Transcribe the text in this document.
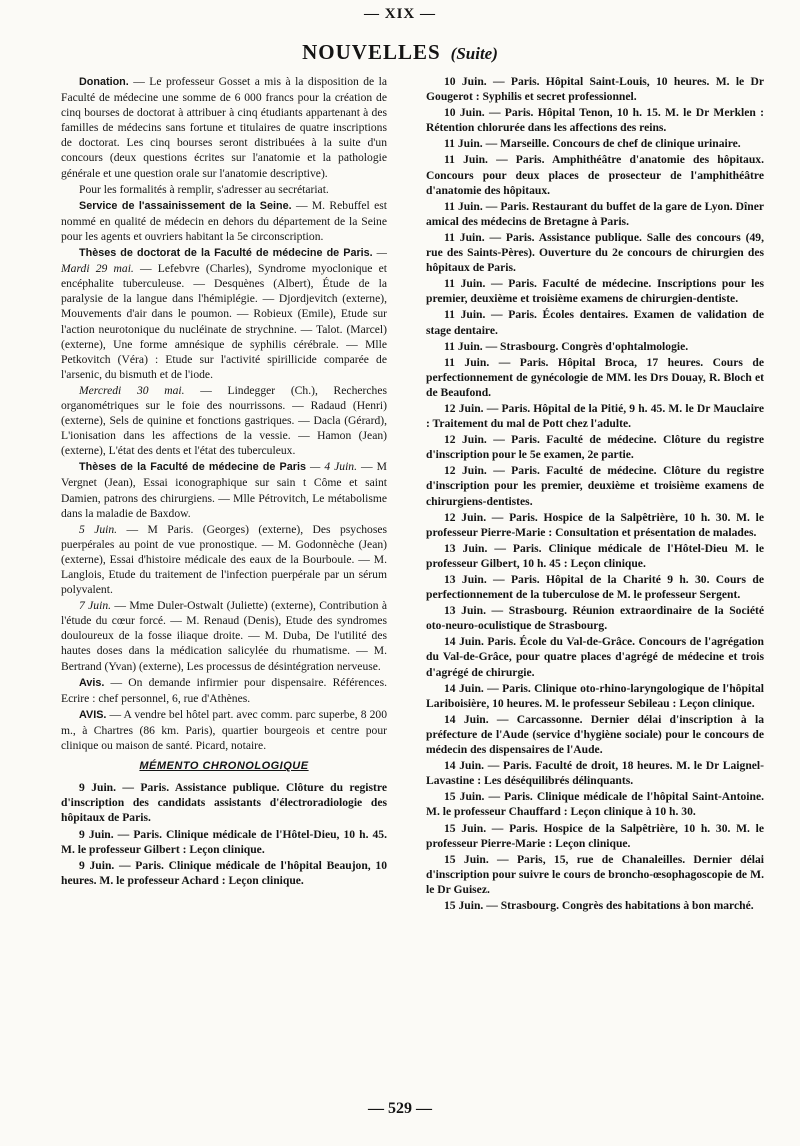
— XIX —
NOUVELLES (Suite)

Donation. — Le professeur Gosset a mis à la disposition de la Faculté de médecine une somme de 6 000 francs pour la création de cinq bourses de doctorat à attribuer à cinq étudiants appartenant à des familles de médecins sans fortune et titulaires de quatre inscriptions de doctorat. Les cinq bourses seront distribuées à la suite d'un concours (deux questions écrites sur l'anatomie et la pathologie générale et une question orale sur l'anatomie descriptive).

Pour les formalités à remplir, s'adresser au secrétariat.

Service de l'assainissement de la Seine. — M. Rebuffel est nommé en qualité de médecin en dehors du département de la Seine pour les agents et ouvriers habitant la 5e circonscription.

Thèses de doctorat de la Faculté de médecine de Paris. — Mardi 29 mai. — Lefebvre (Charles), Syndrome myoclonique et encéphalite tuberculeuse. — Desquènes (Albert), Étude de la paralysie de la langue dans l'hémiplégie. — Djordjevitch (externe), Mouvements d'air dans le poumon. — Robieux (Emile), Etude sur l'action neurotonique du nucléinate de strychnine. — Talot. (Marcel) (externe), Une forme amnésique de syphilis cérébrale. — Mlle Petkovitch (Véra) : Etude sur l'activité spirillicide comparée de l'arsenic, du bismuth et de l'iode.

Mercredi 30 mai. — Lindegger (Ch.), Recherches organométriques sur le foie des nourrissons. — Radaud (Henri) (externe), Sels de quinine et fonctions gastriques. — Dacla (Gérard), L'ionisation dans les affections de la vessie. — Hamon (Jean) (externe), L'état des dents et l'état des tuberculeux.

Thèses de la Faculté de médecine de Paris — 4 Juin. — M Vergnet (Jean), Essai iconographique sur sain t Côme et saint Damien, patrons des chirurgiens. — Mlle Pétrovitch, Le métabolisme dans la maladie de Baxdow.

5 Juin. — M Paris. (Georges) (externe), Des psychoses puerpérales au point de vue pronostique. — M. Godonnèche (Jean) (externe), Essai d'histoire médicale des eaux de la Bourboule. — M. Langlois, Etude du traitement de l'infection puerpérale par un sérum polyvalent.

7 Juin. — Mme Duler-Ostwalt (Juliette) (externe), Contribution à l'étude du cœur forcé. — M. Renaud (Denis), Etude des syndromes douloureux de la fosse iliaque droite. — M. Duba, De l'utilité des hautes doses dans la médication salicylée du rhumatisme. — M. Bertrand (Yvan) (externe), Les processus de désintégration nerveuse.

Avis. — On demande infirmier pour dispensaire. Références. Ecrire : chef personnel, 6, rue d'Athènes.

AVIS. — A vendre bel hôtel part. avec comm. parc superbe, 8 200 m., à Chartres (86 km. Paris), quartier bourgeois et centre pour clinique ou maison de santé. Picard, notaire.

MÉMENTO CHRONOLOGIQUE

9 Juin. — Paris. Assistance publique. Clôture du registre d'inscription des candidats assistants d'électroradiologie des hôpitaux de Paris.

9 Juin. — Paris. Clinique médicale de l'Hôtel-Dieu, 10 h. 45. M. le professeur Gilbert : Leçon clinique.

9 Juin. — Paris. Clinique médicale de l'hôpital Beaujon, 10 heures. M. le professeur Achard : Leçon clinique.

10 Juin. — Paris. Hôpital Saint-Louis, 10 heures. M. le Dr Gougerot : Syphilis et secret professionnel.

10 Juin. — Paris. Hôpital Tenon, 10 h. 15. M. le Dr Merklen : Rétention chlorurée dans les affections des reins.

11 Juin. — Marseille. Concours de chef de clinique urinaire.

11 Juin. — Paris. Amphithéâtre d'anatomie des hôpitaux. Concours pour deux places de prosecteur de l'amphithéâtre d'anatomie des hôpitaux.

11 Juin. — Paris. Restaurant du buffet de la gare de Lyon. Dîner amical des médecins de Bretagne à Paris.

11 Juin. — Paris. Assistance publique. Salle des concours (49, rue des Saints-Pères). Ouverture du 2e concours de chirurgien des hôpitaux de Paris.

11 Juin. — Paris. Faculté de médecine. Inscriptions pour les premier, deuxième et troisième examens de chirurgien-dentiste.

11 Juin. — Paris. Écoles dentaires. Examen de validation de stage dentaire.

11 Juin. — Strasbourg. Congrès d'ophtalmologie.

11 Juin. — Paris. Hôpital Broca, 17 heures. Cours de perfectionnement de gynécologie de MM. les Drs Douay, R. Bloch et de Beaufond.

12 Juin. — Paris. Hôpital de la Pitié, 9 h. 45. M. le Dr Mauclaire : Traitement du mal de Pott chez l'adulte.

12 Juin. — Paris. Faculté de médecine. Clôture du registre d'inscription pour le 5e examen, 2e partie.

12 Juin. — Paris. Faculté de médecine. Clôture du registre d'inscription pour les premier, deuxième et troisième examens de chirurgiens-dentistes.

12 Juin. — Paris. Hospice de la Salpêtrière, 10 h. 30. M. le professeur Pierre-Marie : Consultation et présentation de malades.

13 Juin. — Paris. Clinique médicale de l'Hôtel-Dieu M. le professeur Gilbert, 10 h. 45 : Leçon clinique.

13 Juin. — Paris. Hôpital de la Charité 9 h. 30. Cours de perfectionnement de la tuberculose de M. le professeur Sergent.

13 Juin. — Strasbourg. Réunion extraordinaire de la Société oto-neuro-oculistique de Strasbourg.

14 Juin. Paris. École du Val-de-Grâce. Concours de l'agrégation du Val-de-Grâce, pour quatre places d'agrégé de médecine et trois d'agrégé de chirurgie.

14 Juin. — Paris. Clinique oto-rhino-laryngologique de l'hôpital Lariboisière, 10 heures. M. le professeur Sebileau : Leçon clinique.

14 Juin. — Carcassonne. Dernier délai d'inscription à la préfecture de l'Aude (service d'hygiène sociale) pour le concours de médecin des dispensaires de l'Aude.

14 Juin. — Paris. Faculté de droit, 18 heures. M. le Dr Laignel-Lavastine : Les déséquilibrés délinquants.

15 Juin. — Paris. Clinique médicale de l'hôpital Saint-Antoine. M. le professeur Chauffard : Leçon clinique à 10 h. 30.

15 Juin. — Paris. Hospice de la Salpêtrière, 10 h. 30. M. le professeur Pierre-Marie : Leçon clinique.

15 Juin. — Paris, 15, rue de Chanaleilles. Dernier délai d'inscription pour suivre le cours de broncho-œsophagoscopie de M. le Dr Guisez.

15 Juin. — Strasbourg. Congrès des habitations à bon marché.

— 529 —
